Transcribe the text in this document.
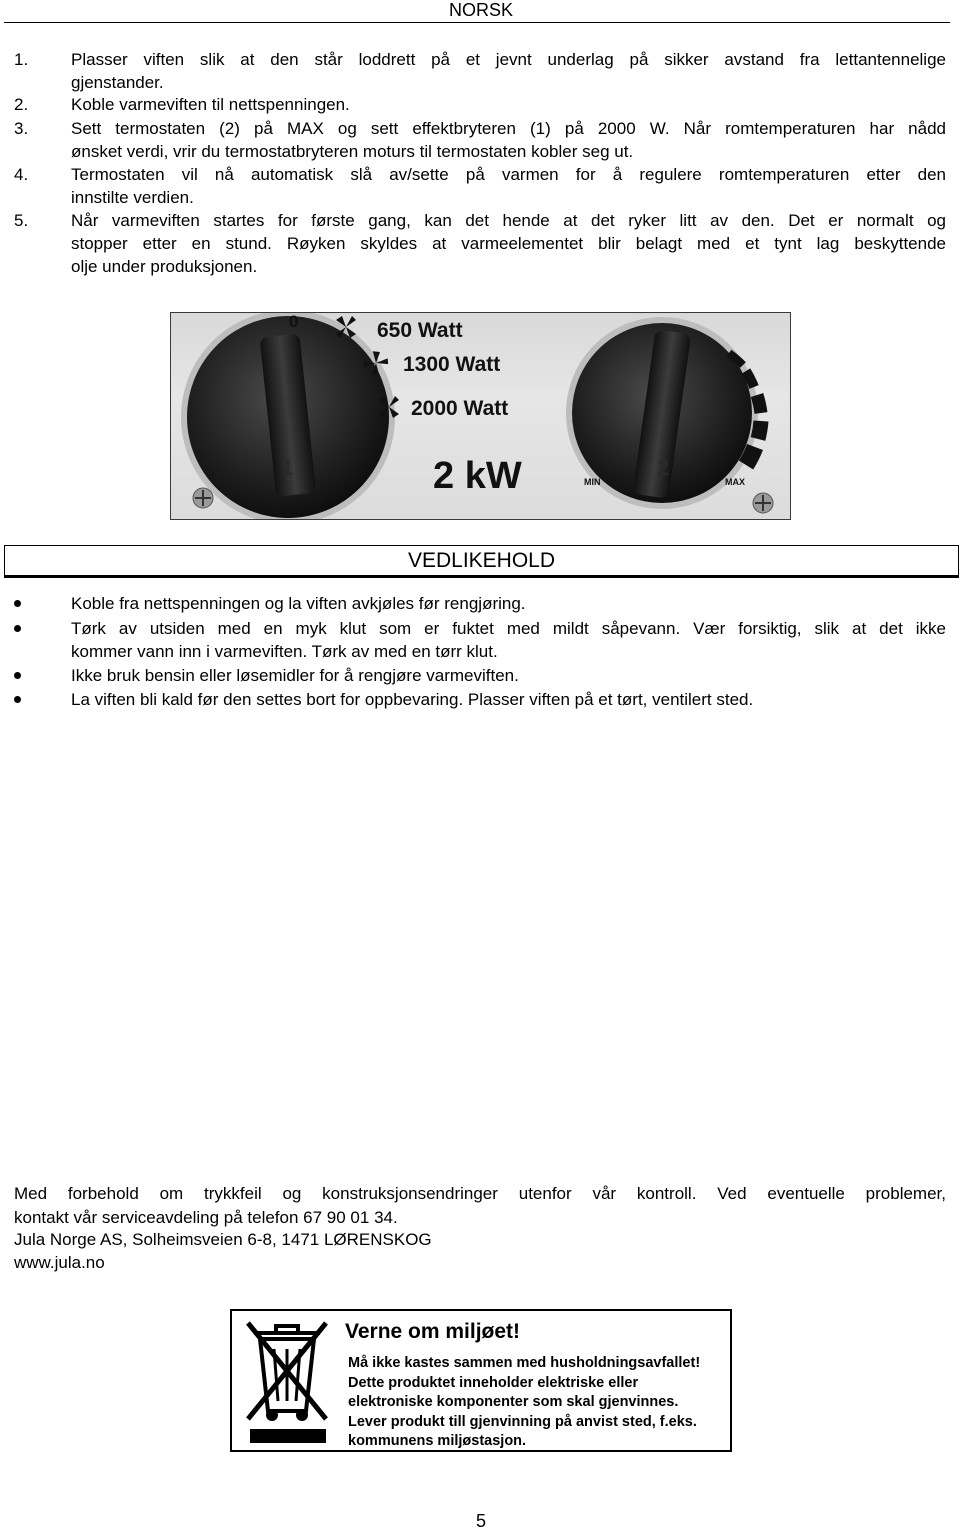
NORSK
1.	Plasser viften slik at den står loddrett på et jevnt underlag på sikker avstand fra lettantennelige
gjenstander.
2.	Koble varmeviften til nettspenningen.
3.	Sett termostaten (2) på MAX og sett effektbryteren (1) på 2000 W. Når romtemperaturen har nådd
ønsket verdi, vrir du termostatbryteren moturs til termostaten kobler seg ut.
4.	Termostaten vil nå automatisk slå av/sette på varmen for å regulere romtemperaturen etter den
innstilte verdien.
5.	Når varmeviften startes for første gang, kan det hende at det ryker litt av den. Det er normalt og
stopper etter en stund. Røyken skyldes at varmeelementet blir belagt med et tynt lag beskyttende
olje under produksjonen.
0	650 Watt
1300 Watt
2000 Watt
1	2
2 kW	MIN	MAX
VEDLIKEHOLD
Koble fra nettspenningen og la viften avkjøles før rengjøring.
Tørk av utsiden med en myk klut som er fuktet med mildt såpevann. Vær forsiktig, slik at det ikke
kommer vann inn i varmeviften. Tørk av med en tørr klut.
Ikke bruk bensin eller løsemidler for å rengjøre varmeviften.
La viften bli kald før den settes bort for oppbevaring. Plasser viften på et tørt, ventilert sted.
Med forbehold om trykkfeil og konstruksjonsendringer utenfor vår kontroll. Ved eventuelle problemer,
kontakt vår serviceavdeling på telefon 67 90 01 34.
Jula Norge AS, Solheimsveien 6-8, 1471 LØRENSKOG
www.jula.no
Verne om miljøet!
Må ikke kastes sammen med husholdningsavfallet!
Dette produktet inneholder elektriske eller
elektroniske komponenter som skal gjenvinnes.
Lever produkt till gjenvinning på anvist sted, f.eks.
kommunens miljøstasjon.
5
